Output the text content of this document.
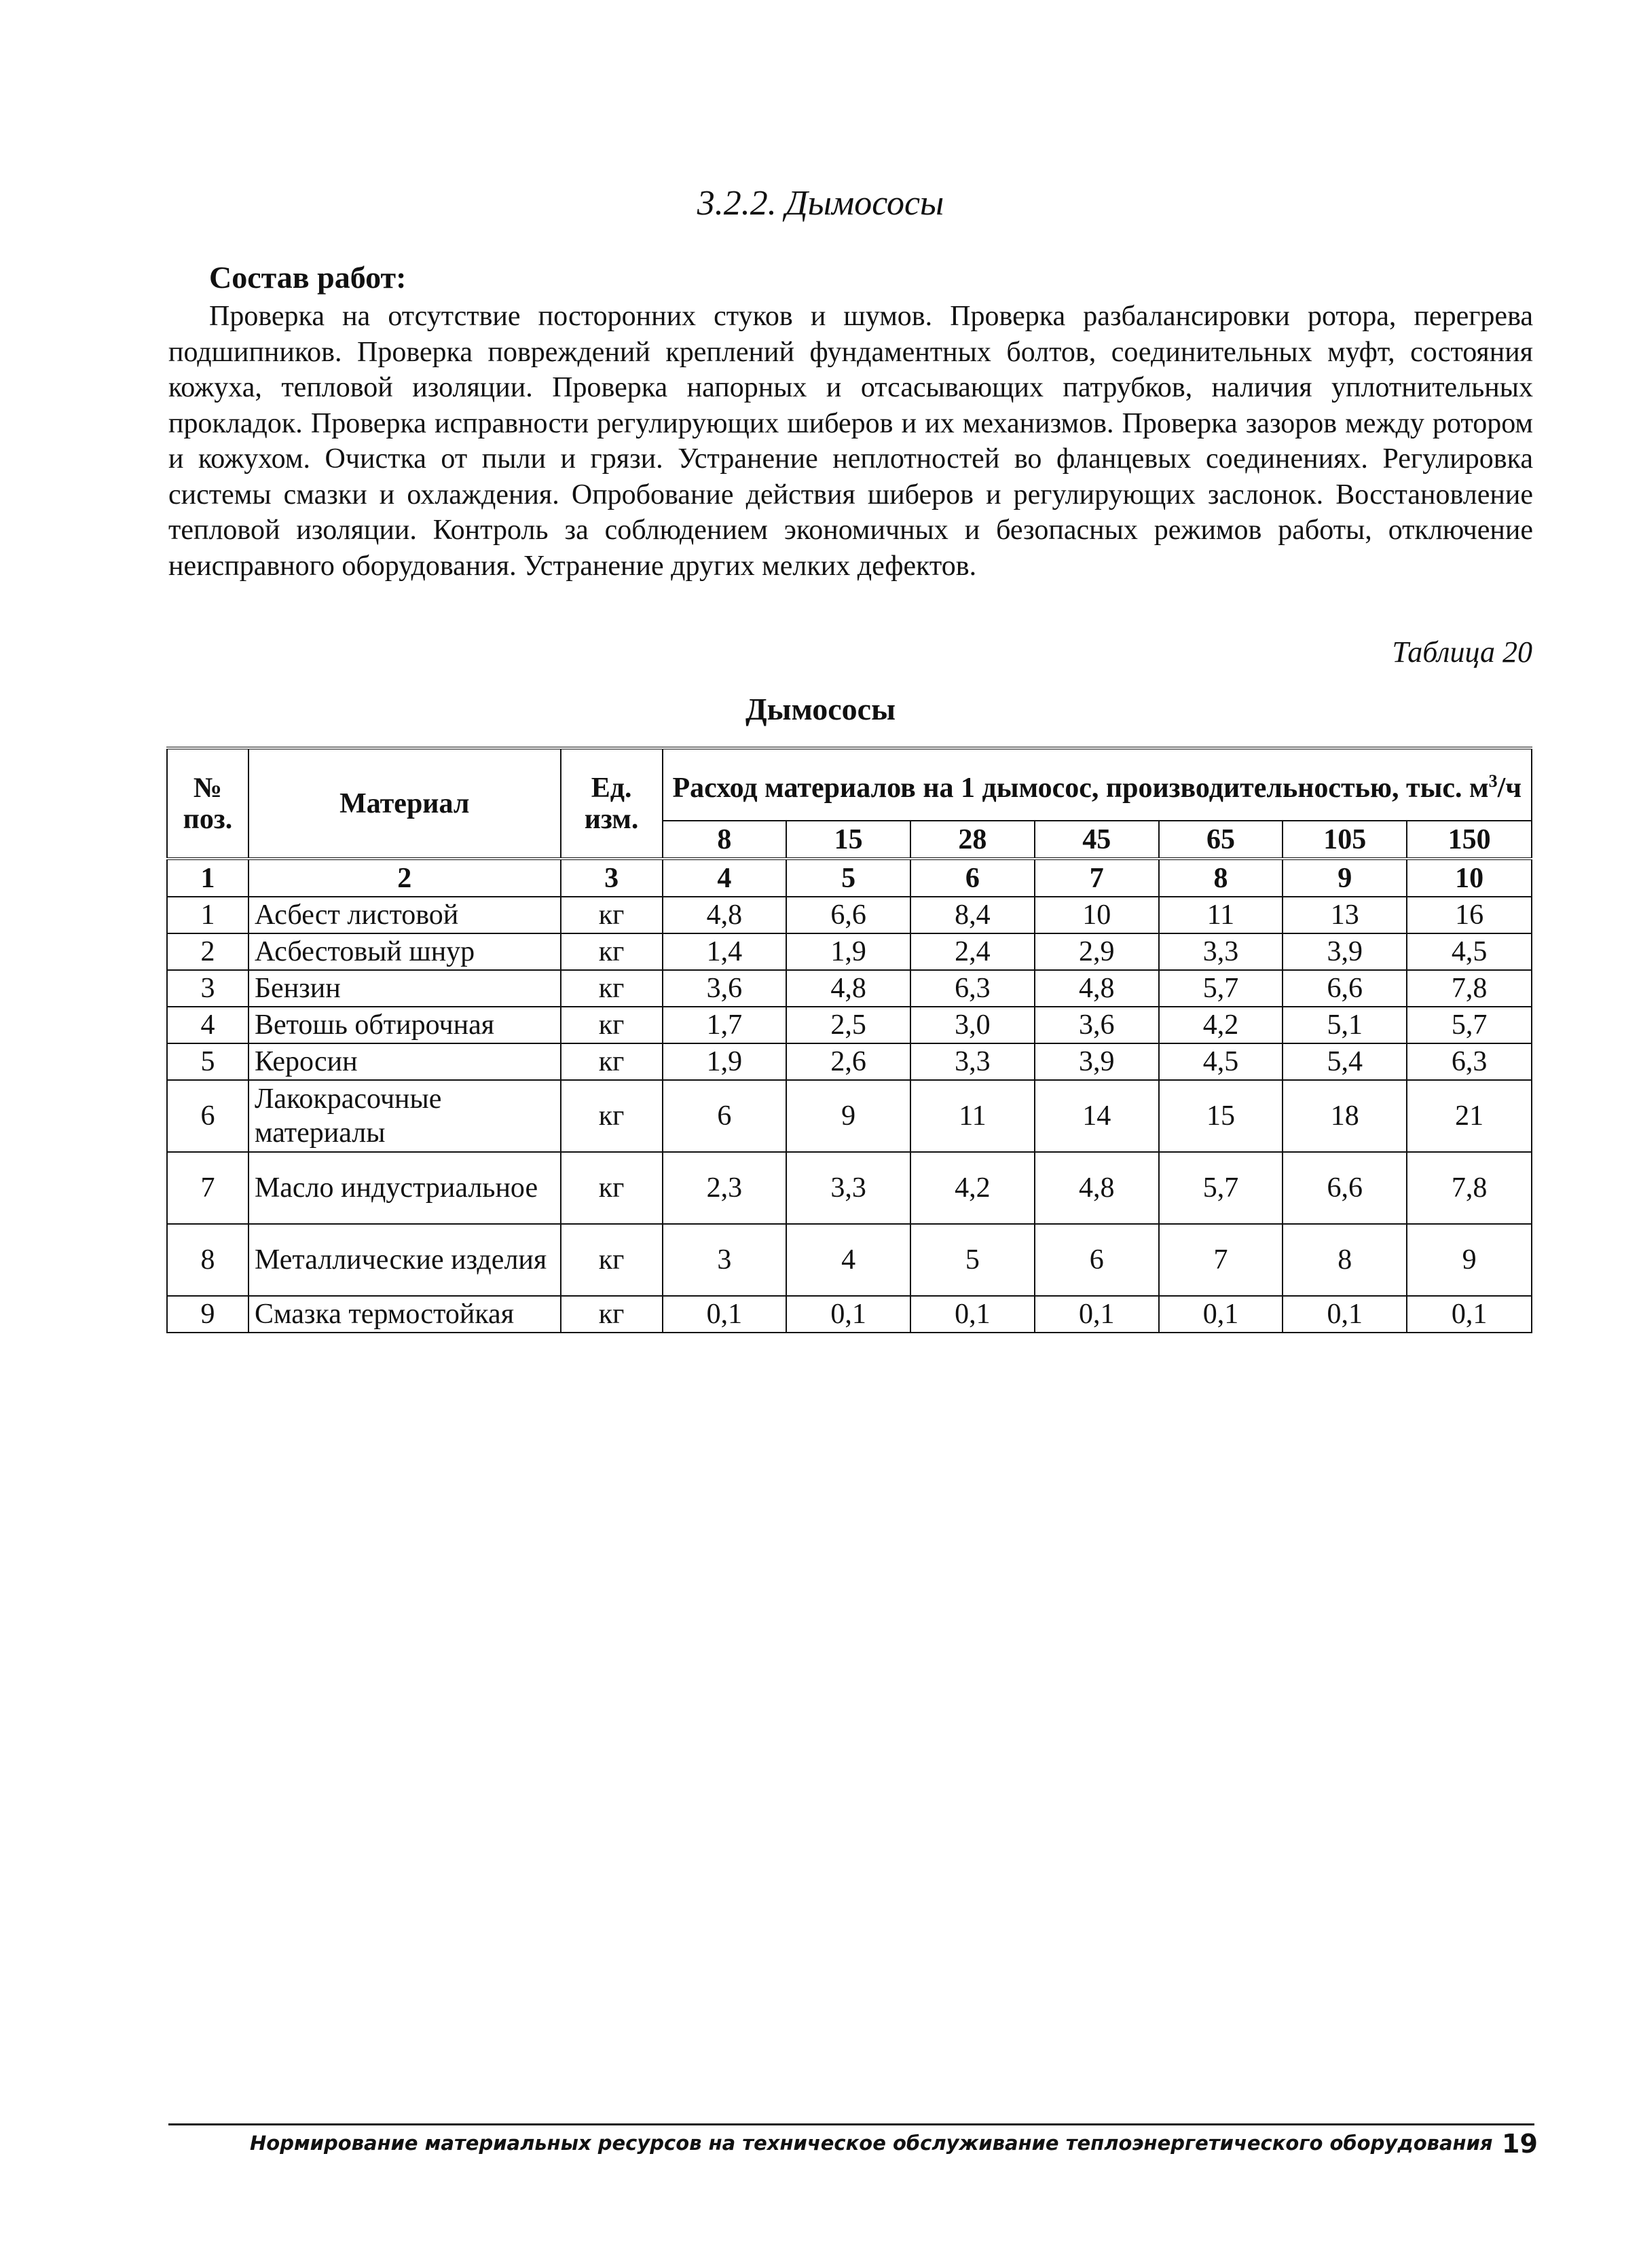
3.2.2. Дымососы
Состав работ:
Проверка на отсутствие посторонних стуков и шумов. Проверка разбалансировки ротора, перегрева подшипников. Проверка повреждений креплений фундаментных болтов, соединительных муфт, состояния кожуха, тепловой изоляции. Проверка напорных и отсасывающих патрубков, наличия уплотнительных прокладок. Проверка исправности регулирующих шиберов и их механизмов. Проверка зазоров между ротором и кожухом. Очистка от пыли и грязи. Устранение неплотностей во фланцевых соединениях. Регулировка системы смазки и охлаждения. Опробование действия шиберов и регулирующих заслонок. Восстановление тепловой изоляции. Контроль за соблюдением экономичных и безопасных режимов работы, отключение неисправного оборудования. Устранение других мелких дефектов.
Таблица 20
Дымососы
№ поз.	Материал	Ед. изм.	Расход материалов на 1 дымосос, производительностью, тыс. $м^3/ч$						
			8	15	28	45	65	105	150
1	2	3	4	5	6	7	8	9	10
1	Асбест листовой	кг	4,8	6,6	8,4	10	11	13	16
2	Асбестовый шнур	кг	1,4	1,9	2,4	2,9	3,3	3,9	4,5
3	Бензин	кг	3,6	4,8	6,3	4,8	5,7	6,6	7,8
4	Ветошь обтирочная	кг	1,7	2,5	3,0	3,6	4,2	5,1	5,7
5	Керосин	кг	1,9	2,6	3,3	3,9	4,5	5,4	6,3
6	Лакокрасочные материалы	кг	6	9	11	14	15	18	21
7	Масло индустриальное	кг	2,3	3,3	4,2	4,8	5,7	6,6	7,8
8	Металлические изделия	кг	3	4	5	6	7	8	9
9	Смазка термостойкая	кг	0,1	0,1	0,1	0,1	0,1	0,1	0,1
Нормирование материальных ресурсов на техническое обслуживание теплоэнергетического оборудования 19
